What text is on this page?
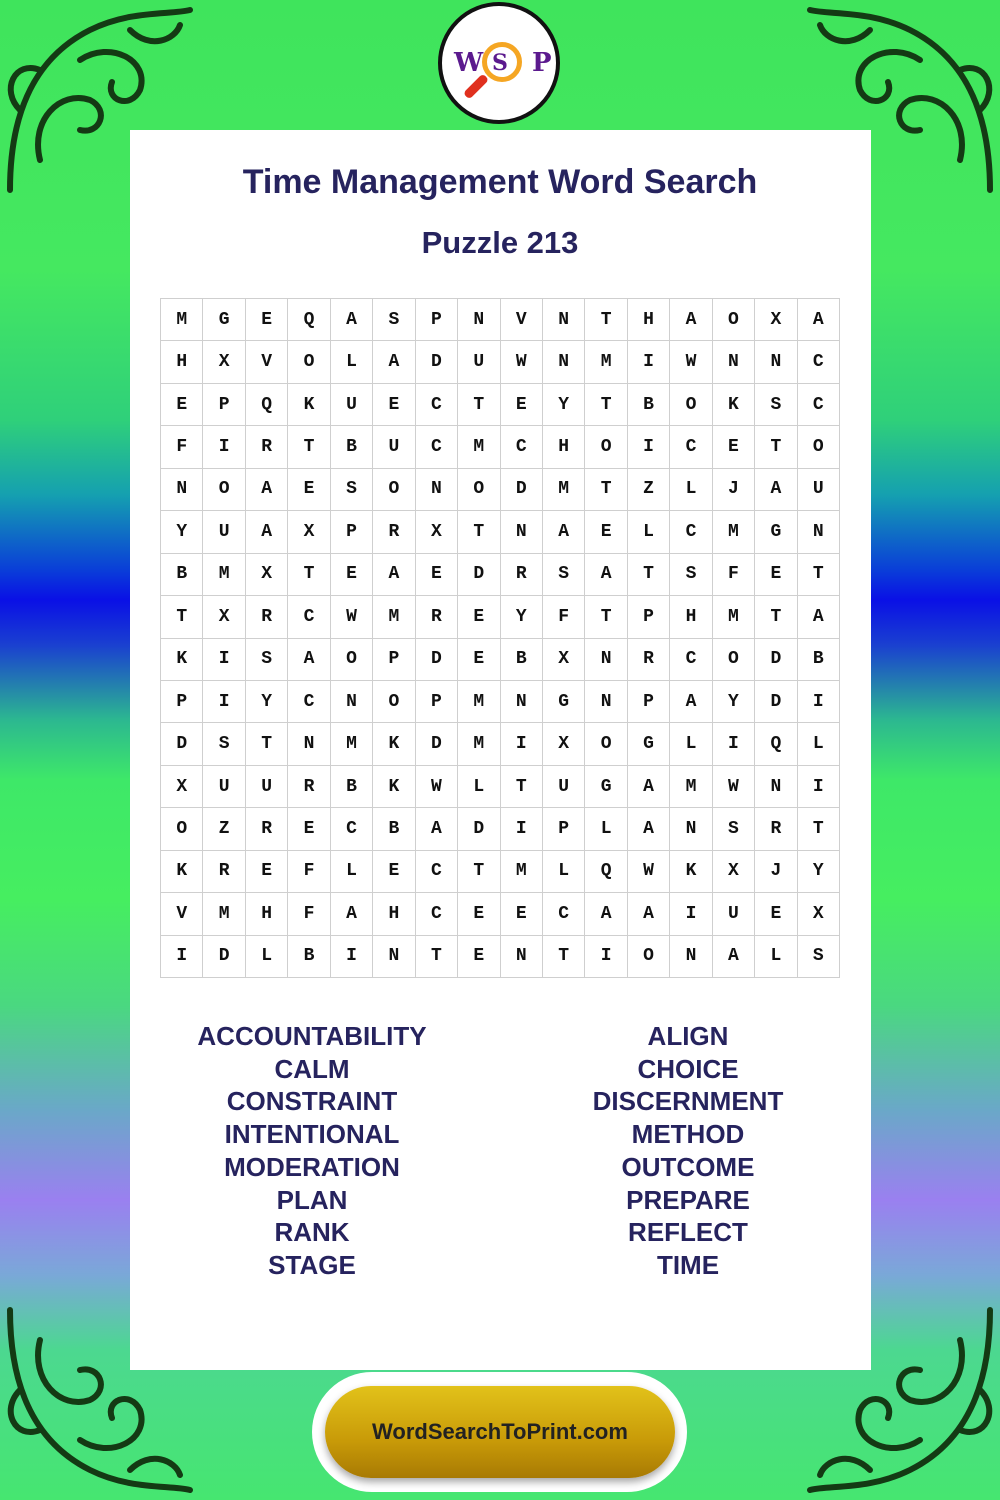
W S P
Time Management Word Search
Puzzle 213
M	G	E	Q	A	S	P	N	V	N	T	H	A	O	X	A
H	X	V	O	L	A	D	U	W	N	M	I	W	N	N	C
E	P	Q	K	U	E	C	T	E	Y	T	B	O	K	S	C
F	I	R	T	B	U	C	M	C	H	O	I	C	E	T	O
N	O	A	E	S	O	N	O	D	M	T	Z	L	J	A	U
Y	U	A	X	P	R	X	T	N	A	E	L	C	M	G	N
B	M	X	T	E	A	E	D	R	S	A	T	S	F	E	T
T	X	R	C	W	M	R	E	Y	F	T	P	H	M	T	A
K	I	S	A	O	P	D	E	B	X	N	R	C	O	D	B
P	I	Y	C	N	O	P	M	N	G	N	P	A	Y	D	I
D	S	T	N	M	K	D	M	I	X	O	G	L	I	Q	L
X	U	U	R	B	K	W	L	T	U	G	A	M	W	N	I
O	Z	R	E	C	B	A	D	I	P	L	A	N	S	R	T
K	R	E	F	L	E	C	T	M	L	Q	W	K	X	J	Y
V	M	H	F	A	H	C	E	E	C	A	A	I	U	E	X
I	D	L	B	I	N	T	E	N	T	I	O	N	A	L	S
ACCOUNTABILITY
CALM
CONSTRAINT
INTENTIONAL
MODERATION
PLAN
RANK
STAGE
ALIGN
CHOICE
DISCERNMENT
METHOD
OUTCOME
PREPARE
REFLECT
TIME
WordSearchToPrint.com
